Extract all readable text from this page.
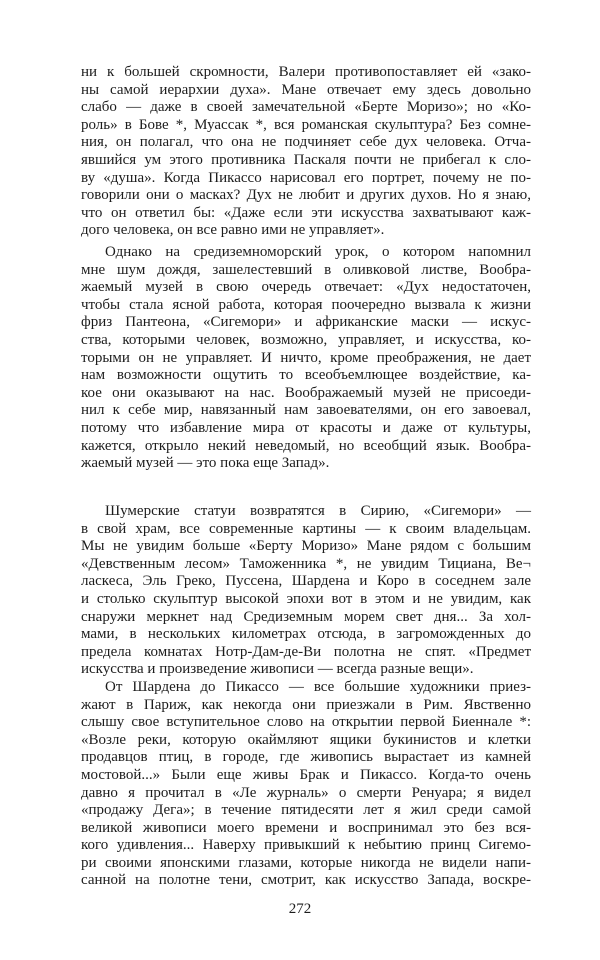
ни к большей скромности, Валери противопоставляет ей «зако-
ны самой иерархии духа». Мане отвечает ему здесь довольно
слабо — даже в своей замечательной «Берте Моризо»; но «Ко-
роль» в Бове *, Муассак *, вся романская скульптура? Без сомне-
ния, он полагал, что она не подчиняет себе дух человека. Отча-
явшийся ум этого противника Паскаля почти не прибегал к сло-
ву «душа». Когда Пикассо нарисовал его портрет, почему не по-
говорили они о масках? Дух не любит и других духов. Но я знаю,
что он ответил бы: «Даже если эти искусства захватывают каж-
дого человека, он все равно ими не управляет».
Однако на средиземноморский урок, о котором напомнил
мне шум дождя, зашелестевший в оливковой листве, Вообра-
жаемый музей в свою очередь отвечает: «Дух недостаточен,
чтобы стала ясной работа, которая поочередно вызвала к жизни
фриз Пантеона, «Сигемори» и африканские маски — искус-
ства, которыми человек, возможно, управляет, и искусства, ко-
торыми он не управляет. И ничто, кроме преображения, не дает
нам возможности ощутить то всеобъемлющее воздействие, ка-
кое они оказывают на нас. Воображаемый музей не присоеди-
нил к себе мир, навязанный нам завоевателями, он его завоевал,
потому что избавление мира от красоты и даже от культуры,
кажется, открыло некий неведомый, но всеобщий язык. Вообра-
жаемый музей — это пока еще Запад».
Шумерские статуи возвратятся в Сирию, «Сигемори» —
в свой храм, все современные картины — к своим владельцам.
Мы не увидим больше «Берту Моризо» Мане рядом с большим
«Девственным лесом» Таможенника *, не увидим Тициана, Ве¬
ласкеса, Эль Греко, Пуссена, Шардена и Коро в соседнем зале
и столько скульптур высокой эпохи вот в этом и не увидим, как
снаружи меркнет над Средиземным морем свет дня... За хол-
мами, в нескольких километрах отсюда, в загроможденных до
предела комнатах Нотр-Дам-де-Ви полотна не спят. «Предмет
искусства и произведение живописи — всегда разные вещи».
От Шардена до Пикассо — все большие художники приез-
жают в Париж, как некогда они приезжали в Рим. Явственно
слышу свое вступительное слово на открытии первой Биеннале *:
«Возле реки, которую окаймляют ящики букинистов и клетки
продавцов птиц, в городе, где живопись вырастает из камней
мостовой...» Были еще живы Брак и Пикассо. Когда-то очень
давно я прочитал в «Ле журналь» о смерти Ренуара; я видел
«продажу Дега»; в течение пятидесяти лет я жил среди самой
великой живописи моего времени и воспринимал это без вся-
кого удивления... Наверху привыкший к небытию принц Сигемо-
ри своими японскими глазами, которые никогда не видели напи-
санной на полотне тени, смотрит, как искусство Запада, воскре-
272
